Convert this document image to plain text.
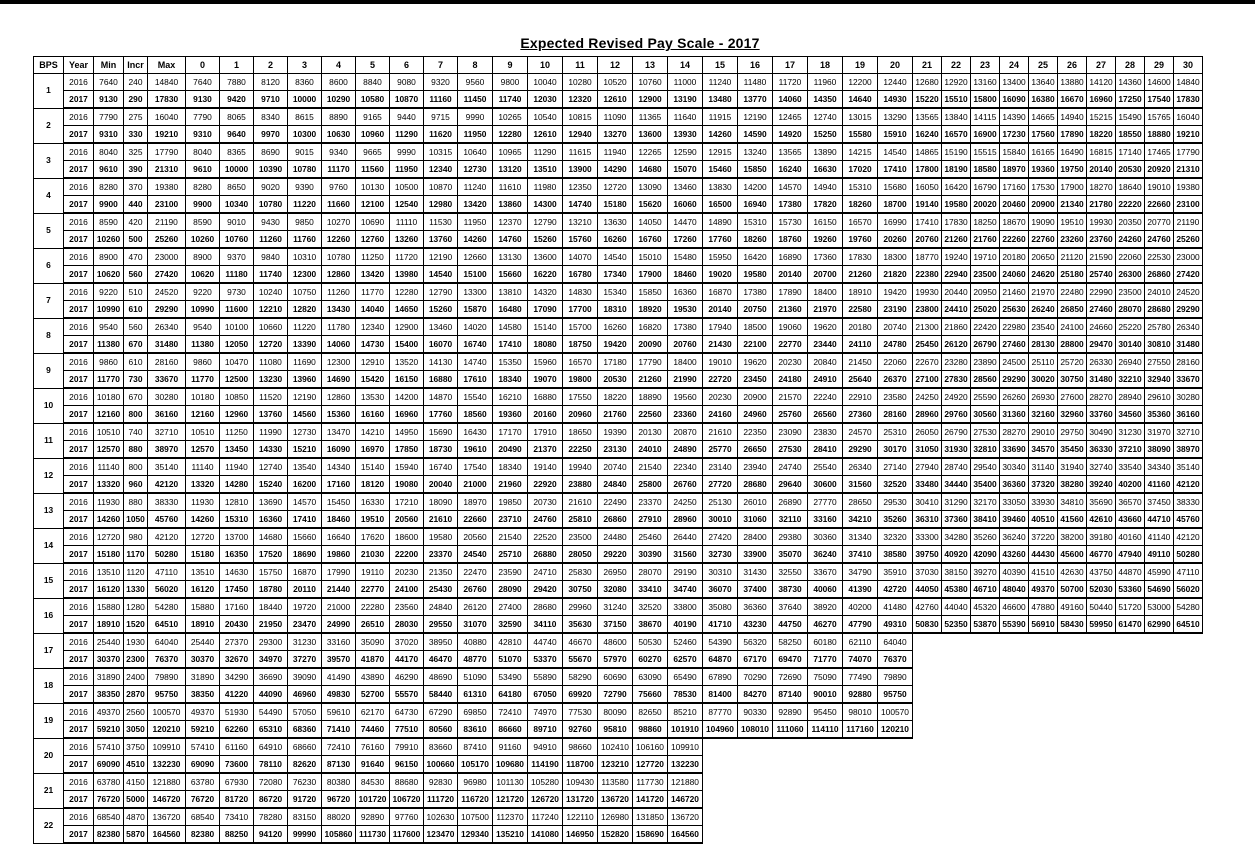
Expected Revised Pay Scale - 2017
BPS	Year	Min	Incr	Max	0	1	2	3	4	5	6	7	8	9	10	11	12	13	14	15	16	17	18	19	20	21	22	23	24	25	26	27	28	29	30
1	2016	7640	240	14840	7640	7880	8120	8360	8600	8840	9080	9320	9560	9800	10040	10280	10520	10760	11000	11240	11480	11720	11960	12200	12440	12680	12920	13160	13400	13640	13880	14120	14360	14600	14840
	2017	9130	290	17830	9130	9420	9710	10000	10290	10580	10870	11160	11450	11740	12030	12320	12610	12900	13190	13480	13770	14060	14350	14640	14930	15220	15510	15800	16090	16380	16670	16960	17250	17540	17830
2	2016	7790	275	16040	7790	8065	8340	8615	8890	9165	9440	9715	9990	10265	10540	10815	11090	11365	11640	11915	12190	12465	12740	13015	13290	13565	13840	14115	14390	14665	14940	15215	15490	15765	16040
	2017	9310	330	19210	9310	9640	9970	10300	10630	10960	11290	11620	11950	12280	12610	12940	13270	13600	13930	14260	14590	14920	15250	15580	15910	16240	16570	16900	17230	17560	17890	18220	18550	18880	19210
3	2016	8040	325	17790	8040	8365	8690	9015	9340	9665	9990	10315	10640	10965	11290	11615	11940	12265	12590	12915	13240	13565	13890	14215	14540	14865	15190	15515	15840	16165	16490	16815	17140	17465	17790
	2017	9610	390	21310	9610	10000	10390	10780	11170	11560	11950	12340	12730	13120	13510	13900	14290	14680	15070	15460	15850	16240	16630	17020	17410	17800	18190	18580	18970	19360	19750	20140	20530	20920	21310
4	2016	8280	370	19380	8280	8650	9020	9390	9760	10130	10500	10870	11240	11610	11980	12350	12720	13090	13460	13830	14200	14570	14940	15310	15680	16050	16420	16790	17160	17530	17900	18270	18640	19010	19380
	2017	9900	440	23100	9900	10340	10780	11220	11660	12100	12540	12980	13420	13860	14300	14740	15180	15620	16060	16500	16940	17380	17820	18260	18700	19140	19580	20020	20460	20900	21340	21780	22220	22660	23100
5	2016	8590	420	21190	8590	9010	9430	9850	10270	10690	11110	11530	11950	12370	12790	13210	13630	14050	14470	14890	15310	15730	16150	16570	16990	17410	17830	18250	18670	19090	19510	19930	20350	20770	21190
	2017	10260	500	25260	10260	10760	11260	11760	12260	12760	13260	13760	14260	14760	15260	15760	16260	16760	17260	17760	18260	18760	19260	19760	20260	20760	21260	21760	22260	22760	23260	23760	24260	24760	25260
6	2016	8900	470	23000	8900	9370	9840	10310	10780	11250	11720	12190	12660	13130	13600	14070	14540	15010	15480	15950	16420	16890	17360	17830	18300	18770	19240	19710	20180	20650	21120	21590	22060	22530	23000
	2017	10620	560	27420	10620	11180	11740	12300	12860	13420	13980	14540	15100	15660	16220	16780	17340	17900	18460	19020	19580	20140	20700	21260	21820	22380	22940	23500	24060	24620	25180	25740	26300	26860	27420
7	2016	9220	510	24520	9220	9730	10240	10750	11260	11770	12280	12790	13300	13810	14320	14830	15340	15850	16360	16870	17380	17890	18400	18910	19420	19930	20440	20950	21460	21970	22480	22990	23500	24010	24520
	2017	10990	610	29290	10990	11600	12210	12820	13430	14040	14650	15260	15870	16480	17090	17700	18310	18920	19530	20140	20750	21360	21970	22580	23190	23800	24410	25020	25630	26240	26850	27460	28070	28680	29290
8	2016	9540	560	26340	9540	10100	10660	11220	11780	12340	12900	13460	14020	14580	15140	15700	16260	16820	17380	17940	18500	19060	19620	20180	20740	21300	21860	22420	22980	23540	24100	24660	25220	25780	26340
	2017	11380	670	31480	11380	12050	12720	13390	14060	14730	15400	16070	16740	17410	18080	18750	19420	20090	20760	21430	22100	22770	23440	24110	24780	25450	26120	26790	27460	28130	28800	29470	30140	30810	31480
9	2016	9860	610	28160	9860	10470	11080	11690	12300	12910	13520	14130	14740	15350	15960	16570	17180	17790	18400	19010	19620	20230	20840	21450	22060	22670	23280	23890	24500	25110	25720	26330	26940	27550	28160
	2017	11770	730	33670	11770	12500	13230	13960	14690	15420	16150	16880	17610	18340	19070	19800	20530	21260	21990	22720	23450	24180	24910	25640	26370	27100	27830	28560	29290	30020	30750	31480	32210	32940	33670
10	2016	10180	670	30280	10180	10850	11520	12190	12860	13530	14200	14870	15540	16210	16880	17550	18220	18890	19560	20230	20900	21570	22240	22910	23580	24250	24920	25590	26260	26930	27600	28270	28940	29610	30280
	2017	12160	800	36160	12160	12960	13760	14560	15360	16160	16960	17760	18560	19360	20160	20960	21760	22560	23360	24160	24960	25760	26560	27360	28160	28960	29760	30560	31360	32160	32960	33760	34560	35360	36160
11	2016	10510	740	32710	10510	11250	11990	12730	13470	14210	14950	15690	16430	17170	17910	18650	19390	20130	20870	21610	22350	23090	23830	24570	25310	26050	26790	27530	28270	29010	29750	30490	31230	31970	32710
	2017	12570	880	38970	12570	13450	14330	15210	16090	16970	17850	18730	19610	20490	21370	22250	23130	24010	24890	25770	26650	27530	28410	29290	30170	31050	31930	32810	33690	34570	35450	36330	37210	38090	38970
12	2016	11140	800	35140	11140	11940	12740	13540	14340	15140	15940	16740	17540	18340	19140	19940	20740	21540	22340	23140	23940	24740	25540	26340	27140	27940	28740	29540	30340	31140	31940	32740	33540	34340	35140
	2017	13320	960	42120	13320	14280	15240	16200	17160	18120	19080	20040	21000	21960	22920	23880	24840	25800	26760	27720	28680	29640	30600	31560	32520	33480	34440	35400	36360	37320	38280	39240	40200	41160	42120
13	2016	11930	880	38330	11930	12810	13690	14570	15450	16330	17210	18090	18970	19850	20730	21610	22490	23370	24250	25130	26010	26890	27770	28650	29530	30410	31290	32170	33050	33930	34810	35690	36570	37450	38330
	2017	14260	1050	45760	14260	15310	16360	17410	18460	19510	20560	21610	22660	23710	24760	25810	26860	27910	28960	30010	31060	32110	33160	34210	35260	36310	37360	38410	39460	40510	41560	42610	43660	44710	45760
14	2016	12720	980	42120	12720	13700	14680	15660	16640	17620	18600	19580	20560	21540	22520	23500	24480	25460	26440	27420	28400	29380	30360	31340	32320	33300	34280	35260	36240	37220	38200	39180	40160	41140	42120
	2017	15180	1170	50280	15180	16350	17520	18690	19860	21030	22200	23370	24540	25710	26880	28050	29220	30390	31560	32730	33900	35070	36240	37410	38580	39750	40920	42090	43260	44430	45600	46770	47940	49110	50280
15	2016	13510	1120	47110	13510	14630	15750	16870	17990	19110	20230	21350	22470	23590	24710	25830	26950	28070	29190	30310	31430	32550	33670	34790	35910	37030	38150	39270	40390	41510	42630	43750	44870	45990	47110
	2017	16120	1330	56020	16120	17450	18780	20110	21440	22770	24100	25430	26760	28090	29420	30750	32080	33410	34740	36070	37400	38730	40060	41390	42720	44050	45380	46710	48040	49370	50700	52030	53360	54690	56020
16	2016	15880	1280	54280	15880	17160	18440	19720	21000	22280	23560	24840	26120	27400	28680	29960	31240	32520	33800	35080	36360	37640	38920	40200	41480	42760	44040	45320	46600	47880	49160	50440	51720	53000	54280
	2017	18910	1520	64510	18910	20430	21950	23470	24990	26510	28030	29550	31070	32590	34110	35630	37150	38670	40190	41710	43230	44750	46270	47790	49310	50830	52350	53870	55390	56910	58430	59950	61470	62990	64510
17	2016	25440	1930	64040	25440	27370	29300	31230	33160	35090	37020	38950	40880	42810	44740	46670	48600	50530	52460	54390	56320	58250	60180	62110	64040										
	2017	30370	2300	76370	30370	32670	34970	37270	39570	41870	44170	46470	48770	51070	53370	55670	57970	60270	62570	64870	67170	69470	71770	74070	76370										
18	2016	31890	2400	79890	31890	34290	36690	39090	41490	43890	46290	48690	51090	53490	55890	58290	60690	63090	65490	67890	70290	72690	75090	77490	79890										
	2017	38350	2870	95750	38350	41220	44090	46960	49830	52700	55570	58440	61310	64180	67050	69920	72790	75660	78530	81400	84270	87140	90010	92880	95750										
19	2016	49370	2560	100570	49370	51930	54490	57050	59610	62170	64730	67290	69850	72410	74970	77530	80090	82650	85210	87770	90330	92890	95450	98010	100570										
	2017	59210	3050	120210	59210	62260	65310	68360	71410	74460	77510	80560	83610	86660	89710	92760	95810	98860	101910	104960	108010	111060	114110	117160	120210										
20	2016	57410	3750	109910	57410	61160	64910	68660	72410	76160	79910	83660	87410	91160	94910	98660	102410	106160	109910																
	2017	69090	4510	132230	69090	73600	78110	82620	87130	91640	96150	100660	105170	109680	114190	118700	123210	127720	132230																
21	2016	63780	4150	121880	63780	67930	72080	76230	80380	84530	88680	92830	96980	101130	105280	109430	113580	117730	121880																
	2017	76720	5000	146720	76720	81720	86720	91720	96720	101720	106720	111720	116720	121720	126720	131720	136720	141720	146720																
22	2016	68540	4870	136720	68540	73410	78280	83150	88020	92890	97760	102630	107500	112370	117240	122110	126980	131850	136720																
	2017	82380	5870	164560	82380	88250	94120	99990	105860	111730	117600	123470	129340	135210	141080	146950	152820	158690	164560																
